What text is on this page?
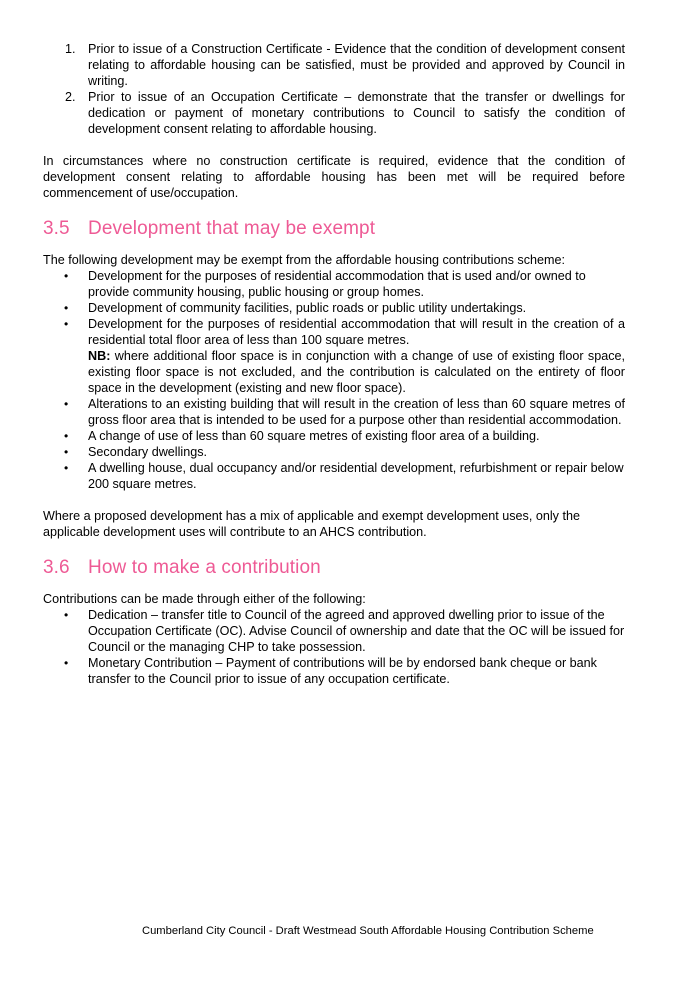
1. Prior to issue of a Construction Certificate - Evidence that the condition of development consent relating to affordable housing can be satisfied, must be provided and approved by Council in writing.
2. Prior to issue of an Occupation Certificate – demonstrate that the transfer or dwellings for dedication or payment of monetary contributions to Council to satisfy the condition of development consent relating to affordable housing.

In circumstances where no construction certificate is required, evidence that the condition of development consent relating to affordable housing has been met will be required before commencement of use/occupation.

3.5 Development that may be exempt

The following development may be exempt from the affordable housing contributions scheme:

• Development for the purposes of residential accommodation that is used and/or owned to provide community housing, public housing or group homes.
• Development of community facilities, public roads or public utility undertakings.
• Development for the purposes of residential accommodation that will result in the creation of a residential total floor area of less than 100 square metres.
NB: where additional floor space is in conjunction with a change of use of existing floor space, existing floor space is not excluded, and the contribution is calculated on the entirety of floor space in the development (existing and new floor space).
• Alterations to an existing building that will result in the creation of less than 60 square metres of gross floor area that is intended to be used for a purpose other than residential accommodation.
• A change of use of less than 60 square metres of existing floor area of a building.
• Secondary dwellings.
• A dwelling house, dual occupancy and/or residential development, refurbishment or repair below 200 square metres.

Where a proposed development has a mix of applicable and exempt development uses, only the applicable development uses will contribute to an AHCS contribution.

3.6 How to make a contribution

Contributions can be made through either of the following:

• Dedication – transfer title to Council of the agreed and approved dwelling prior to issue of the Occupation Certificate (OC). Advise Council of ownership and date that the OC will be issued for Council or the managing CHP to take possession.
• Monetary Contribution – Payment of contributions will be by endorsed bank cheque or bank transfer to the Council prior to issue of any occupation certificate.
Cumberland City Council - Draft Westmead South Affordable Housing Contribution Scheme
